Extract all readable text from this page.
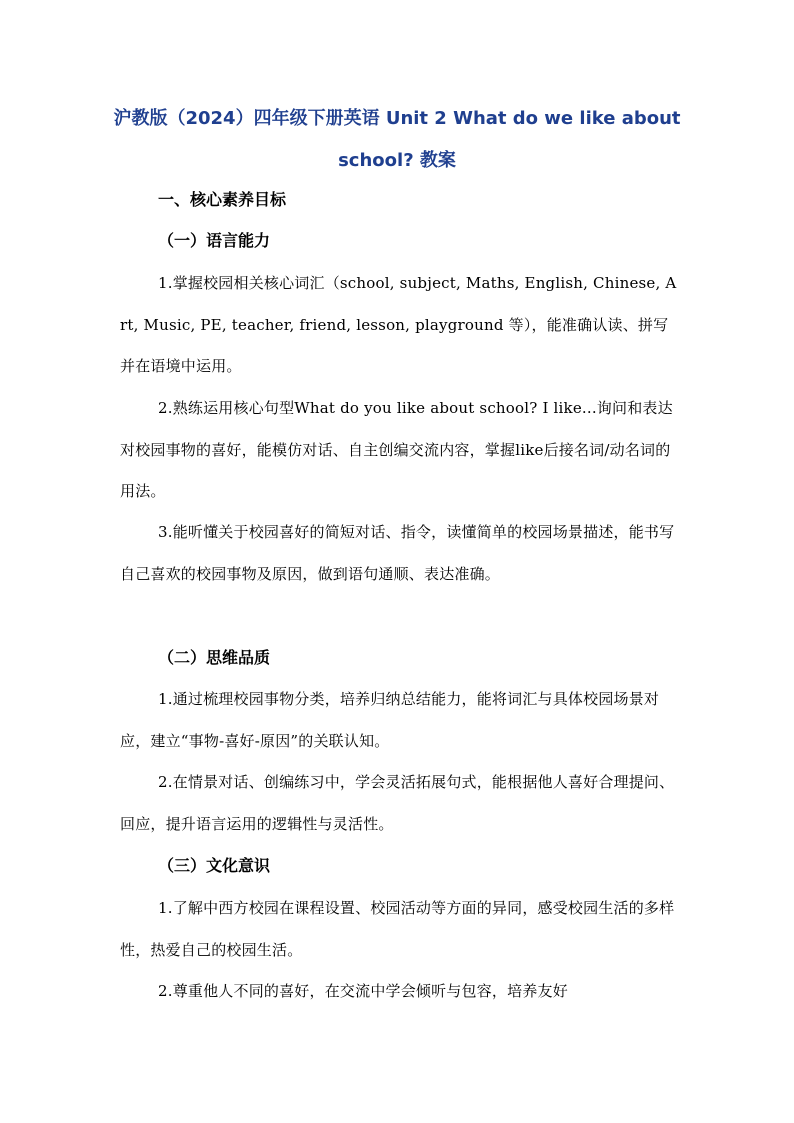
沪教版（2024）四年级下册英语 Unit 2 What do we like about
school? 教案
一、核心素养目标
（一）语言能力
1.掌握校园相关核心词汇（school, subject, Maths, English, Chinese, Art, Music, PE, teacher, friend, lesson, playground 等），能准确认读、拼写并在语境中运用。
2.熟练运用核心句型What do you like about school? I like...询问和表达对校园事物的喜好，能模仿对话、自主创编交流内容，掌握like后接名词/动名词的用法。
3.能听懂关于校园喜好的简短对话、指令，读懂简单的校园场景描述，能书写自己喜欢的校园事物及原因，做到语句通顺、表达准确。
（二）思维品质
1.通过梳理校园事物分类，培养归纳总结能力，能将词汇与具体校园场景对应，建立“事物-喜好-原因”的关联认知。
2.在情景对话、创编练习中，学会灵活拓展句式，能根据他人喜好合理提问、回应，提升语言运用的逻辑性与灵活性。
（三）文化意识
1.了解中西方校园在课程设置、校园活动等方面的异同，感受校园生活的多样性，热爱自己的校园生活。
2.尊重他人不同的喜好，在交流中学会倾听与包容，培养友好
